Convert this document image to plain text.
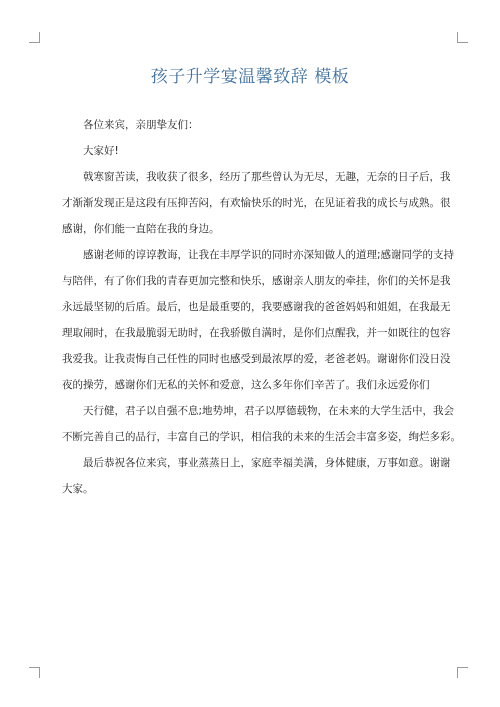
孩子升学宴温馨致辞 模板

各位来宾，亲朋挚友们：

大家好!

戟寒窗苦读，我收获了很多，经历了那些曾认为无尽，无趣，无奈的日子后，我

才渐渐发现正是这段有压抑苦闷，有欢愉快乐的时光，在见证着我的成长与成熟。很

感谢，你们能一直陪在我的身边。

感谢老师的谆谆教诲，让我在丰厚学识的同时亦深知做人的道理;感谢同学的支持

与陪伴，有了你们我的青春更加完整和快乐，感谢亲人朋友的牵挂，你们的关怀是我

永远最坚韧的后盾。最后，也是最重要的，我要感谢我的爸爸妈妈和姐姐，在我最无

理取闹时，在我最脆弱无助时，在我骄傲自满时，是你们点醒我，并一如既往的包容

我爱我。让我责悔自己任性的同时也感受到最浓厚的爱，老爸老妈。谢谢你们没日没

夜的操劳，感谢你们无私的关怀和爱意，这么多年你们辛苦了。我们永远爱你们

天行健，君子以自强不息;地势坤，君子以厚德载物，在未来的大学生活中，我会

不断完善自己的品行，丰富自己的学识，相信我的未来的生活会丰富多姿，绚烂多彩。

最后恭祝各位来宾，事业蒸蒸日上，家庭幸福美满，身体健康，万事如意。谢谢

大家。
